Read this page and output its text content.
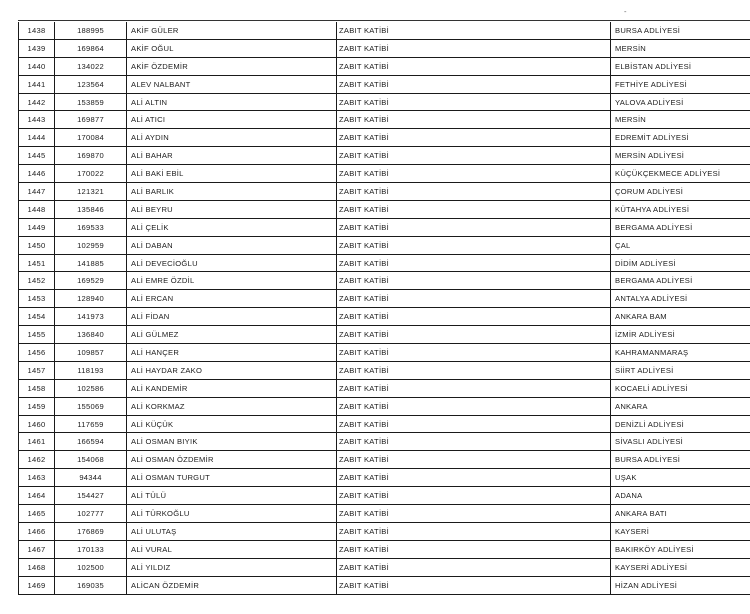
-
1438	188995	AKİF GÜLER	ZABIT KATİBİ	BURSA ADLİYESİ
1439	169864	AKİF OĞUL	ZABIT KATİBİ	MERSİN
1440	134022	AKİF ÖZDEMİR	ZABIT KATİBİ	ELBİSTAN ADLİYESİ
1441	123564	ALEV NALBANT	ZABIT KATİBİ	FETHİYE ADLİYESİ
1442	153859	ALİ ALTIN	ZABIT KATİBİ	YALOVA ADLİYESİ
1443	169877	ALİ ATICI	ZABIT KATİBİ	MERSİN
1444	170084	ALİ AYDIN	ZABIT KATİBİ	EDREMİT ADLİYESİ
1445	169870	ALİ BAHAR	ZABIT KATİBİ	MERSİN ADLİYESİ
1446	170022	ALİ BAKİ EBİL	ZABIT KATİBİ	KÜÇÜKÇEKMECE ADLİYESİ
1447	121321	ALİ BARLIK	ZABIT KATİBİ	ÇORUM ADLİYESİ
1448	135846	ALİ BEYRU	ZABIT KATİBİ	KÜTAHYA ADLİYESİ
1449	169533	ALİ ÇELİK	ZABIT KATİBİ	BERGAMA ADLİYESİ
1450	102959	ALİ DABAN	ZABIT KATİBİ	ÇAL
1451	141885	ALİ DEVECİOĞLU	ZABIT KATİBİ	DİDİM ADLİYESİ
1452	169529	ALİ EMRE ÖZDİL	ZABIT KATİBİ	BERGAMA ADLİYESİ
1453	128940	ALİ ERCAN	ZABIT KATİBİ	ANTALYA ADLİYESİ
1454	141973	ALİ FİDAN	ZABIT KATİBİ	ANKARA BAM
1455	136840	ALİ GÜLMEZ	ZABIT KATİBİ	İZMİR ADLİYESİ
1456	109857	ALİ HANÇER	ZABIT KATİBİ	KAHRAMANMARAŞ
1457	118193	ALİ HAYDAR ZAKO	ZABIT KATİBİ	SİİRT ADLİYESİ
1458	102586	ALİ KANDEMİR	ZABIT KATİBİ	KOCAELİ ADLİYESİ
1459	155069	ALİ KORKMAZ	ZABIT KATİBİ	ANKARA
1460	117659	ALİ KÜÇÜK	ZABIT KATİBİ	DENİZLİ ADLİYESİ
1461	166594	ALİ OSMAN BIYIK	ZABIT KATİBİ	SİVASLI ADLİYESİ
1462	154068	ALİ OSMAN ÖZDEMİR	ZABIT KATİBİ	BURSA ADLİYESİ
1463	94344	ALİ OSMAN TURGUT	ZABIT KATİBİ	UŞAK
1464	154427	ALİ TÜLÜ	ZABIT KATİBİ	ADANA
1465	102777	ALİ TÜRKOĞLU	ZABIT KATİBİ	ANKARA BATI
1466	176869	ALİ ULUTAŞ	ZABIT KATİBİ	KAYSERİ
1467	170133	ALİ VURAL	ZABIT KATİBİ	BAKIRKÖY ADLİYESİ
1468	102500	ALİ YILDIZ	ZABIT KATİBİ	KAYSERİ ADLİYESİ
1469	169035	ALİCAN ÖZDEMİR	ZABIT KATİBİ	HİZAN ADLİYESİ
